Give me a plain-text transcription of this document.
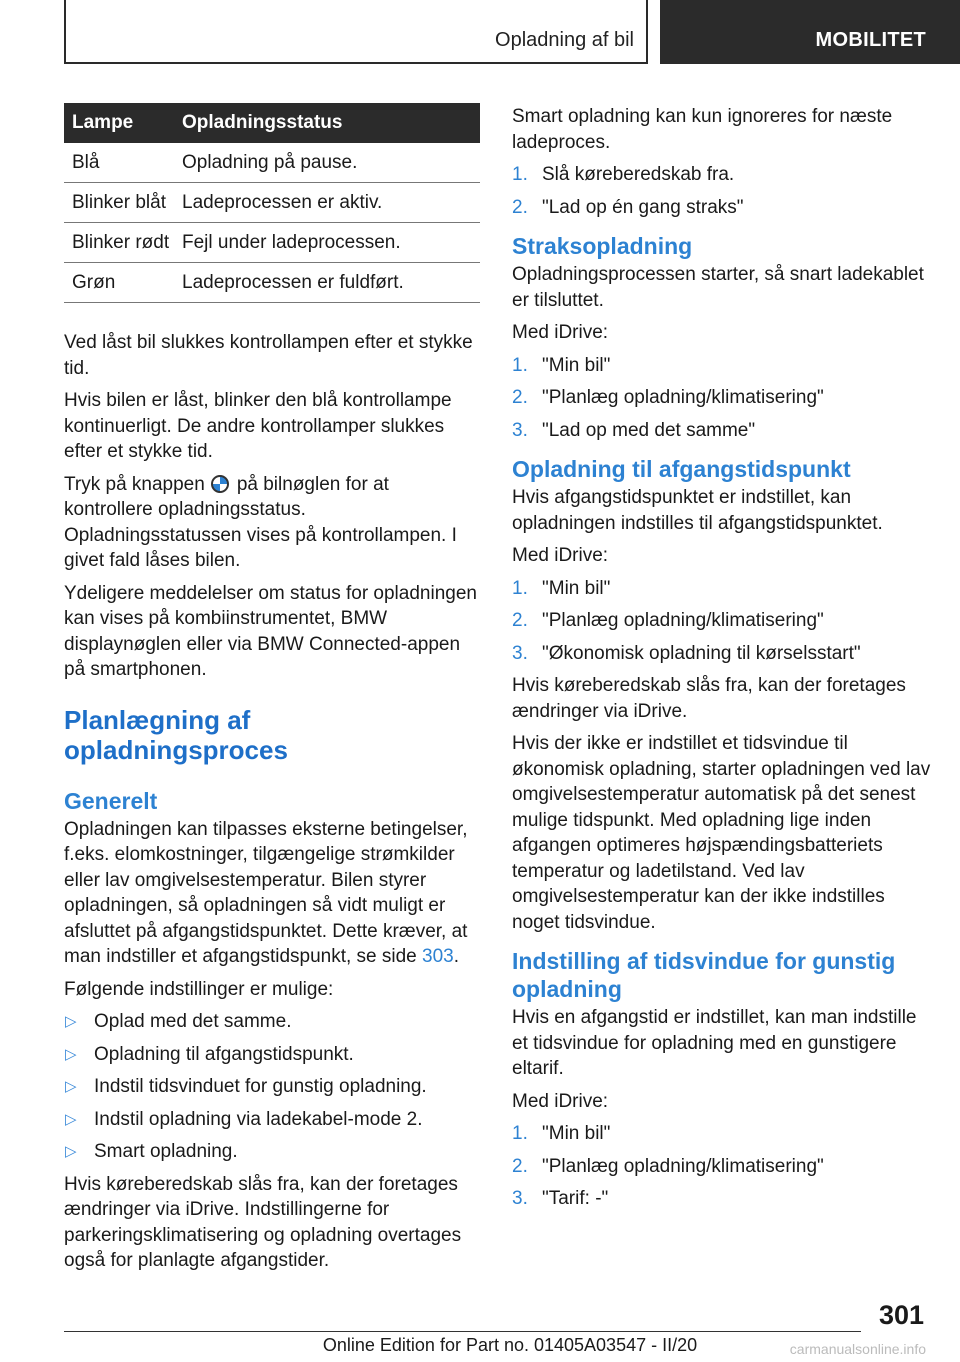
Opladning af bil	MOBILITET
Lampe	Opladningsstatus
Blå	Opladning på pause.
Blinker blåt	Ladeprocessen er aktiv.
Blinker rødt	Fejl under ladeprocessen.
Grøn	Ladeprocessen er fuldført.

Ved låst bil slukkes kontrollampen efter et stykke tid.

Hvis bilen er låst, blinker den blå kontrollampe kontinuerligt. De andre kontrollamper slukkes efter et stykke tid.

Tryk på knappen på bilnøglen for at kontrollere opladningsstatus. Opladningsstatussen vises på kontrollampen. I givet fald låses bilen.

Ydeligere meddelelser om status for opladningen kan vises på kombiinstrumentet, BMW displaynøglen eller via BMW Connected-appen på smartphonen.

Planlægning af opladningsproces
Generelt

Opladningen kan tilpasses eksterne betingelser, f.eks. elomkostninger, tilgængelige strømkilder eller lav omgivelsestemperatur. Bilen styrer opladningen, så opladningen så vidt muligt er afsluttet på afgangstidspunktet. Dette kræver, at man indstiller et afgangstidspunkt, se side 303.

Følgende indstillinger er mulige:

▷ Oplad med det samme.
▷ Opladning til afgangstidspunkt.
▷ Indstil tidsvinduet for gunstig opladning.
▷ Indstil opladning via ladekabel-mode 2.
▷ Smart opladning.

Hvis køreberedskab slås fra, kan der foretages ændringer via iDrive. Indstillingerne for parkeringsklimatisering og opladning overtages også for planlagte afgangstider.

Smart opladning kan kun ignoreres for næste ladeproces.

1. Slå køreberedskab fra.
2. "Lad op én gang straks"
Straksopladning

Opladningsprocessen starter, så snart ladekablet er tilsluttet.

Med iDrive:

1. "Min bil"
2. "Planlæg opladning/klimatisering"
3. "Lad op med det samme"
Opladning til afgangstidspunkt

Hvis afgangstidspunktet er indstillet, kan opladningen indstilles til afgangstidspunktet.

Med iDrive:

1. "Min bil"
2. "Planlæg opladning/klimatisering"
3. "Økonomisk opladning til kørselsstart"

Hvis køreberedskab slås fra, kan der foretages ændringer via iDrive.

Hvis der ikke er indstillet et tidsvindue til økonomisk opladning, starter opladningen ved lav omgivelsestemperatur automatisk på det senest mulige tidspunkt. Med opladning lige inden afgangen optimeres højspændingsbatteriets temperatur og ladetilstand. Ved lav omgivelsestemperatur kan der ikke indstilles noget tidsvindue.

Indstilling af tidsvindue for gunstig opladning

Hvis en afgangstid er indstillet, kan man indstille et tidsvindue for opladning med en gunstigere eltarif.

Med iDrive:

1. "Min bil"
2. "Planlæg opladning/klimatisering"
3. "Tarif: -"
301
Online Edition for Part no. 01405A03547 - II/20	carmanualsonline.info
